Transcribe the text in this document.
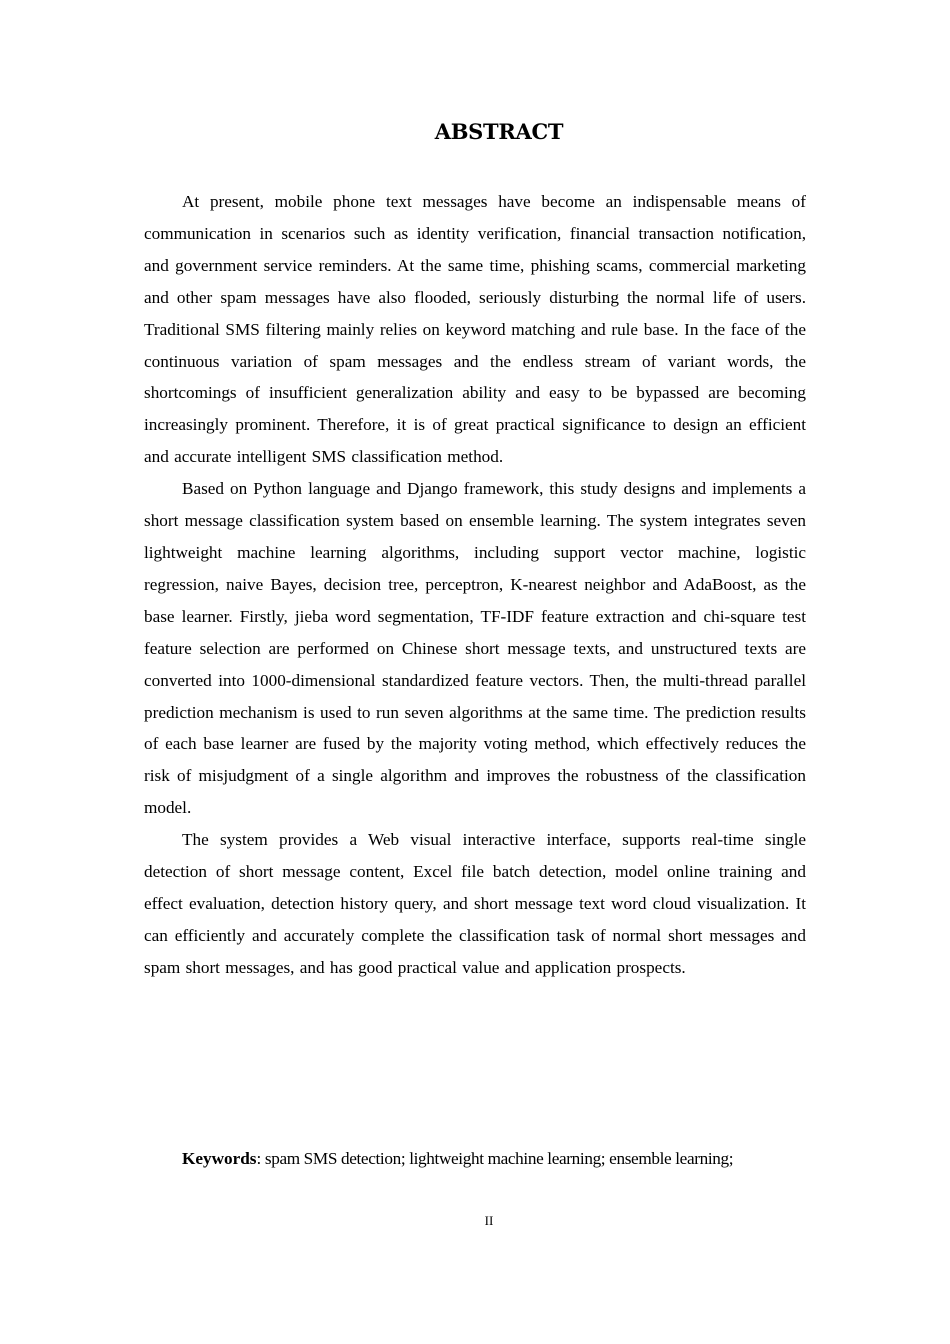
ABSTRACT

At present, mobile phone text messages have become an indispensable means of communication in scenarios such as identity verification, financial transaction notification, and government service reminders. At the same time, phishing scams, commercial marketing and other spam messages have also flooded, seriously disturbing the normal life of users. Traditional SMS filtering mainly relies on keyword matching and rule base. In the face of the continuous variation of spam messages and the endless stream of variant words, the shortcomings of insufficient generalization ability and easy to be bypassed are becoming increasingly prominent. Therefore, it is of great practical significance to design an efficient and accurate intelligent SMS classification method.

Based on Python language and Django framework, this study designs and implements a short message classification system based on ensemble learning. The system integrates seven lightweight machine learning algorithms, including support vector machine, logistic regression, naive Bayes, decision tree, perceptron, K-nearest neighbor and AdaBoost, as the base learner. Firstly, jieba word segmentation, TF-IDF feature extraction and chi-square test feature selection are performed on Chinese short message texts, and unstructured texts are converted into 1000-dimensional standardized feature vectors. Then, the multi-thread parallel prediction mechanism is used to run seven algorithms at the same time. The prediction results of each base learner are fused by the majority voting method, which effectively reduces the risk of misjudgment of a single algorithm and improves the robustness of the classification model.

The system provides a Web visual interactive interface, supports real-time single detection of short message content, Excel file batch detection, model online training and effect evaluation, detection history query, and short message text word cloud visualization. It can efficiently and accurately complete the classification task of normal short messages and spam short messages, and has good practical value and application prospects.

Keywords: spam SMS detection; lightweight machine learning; ensemble learning;

II
